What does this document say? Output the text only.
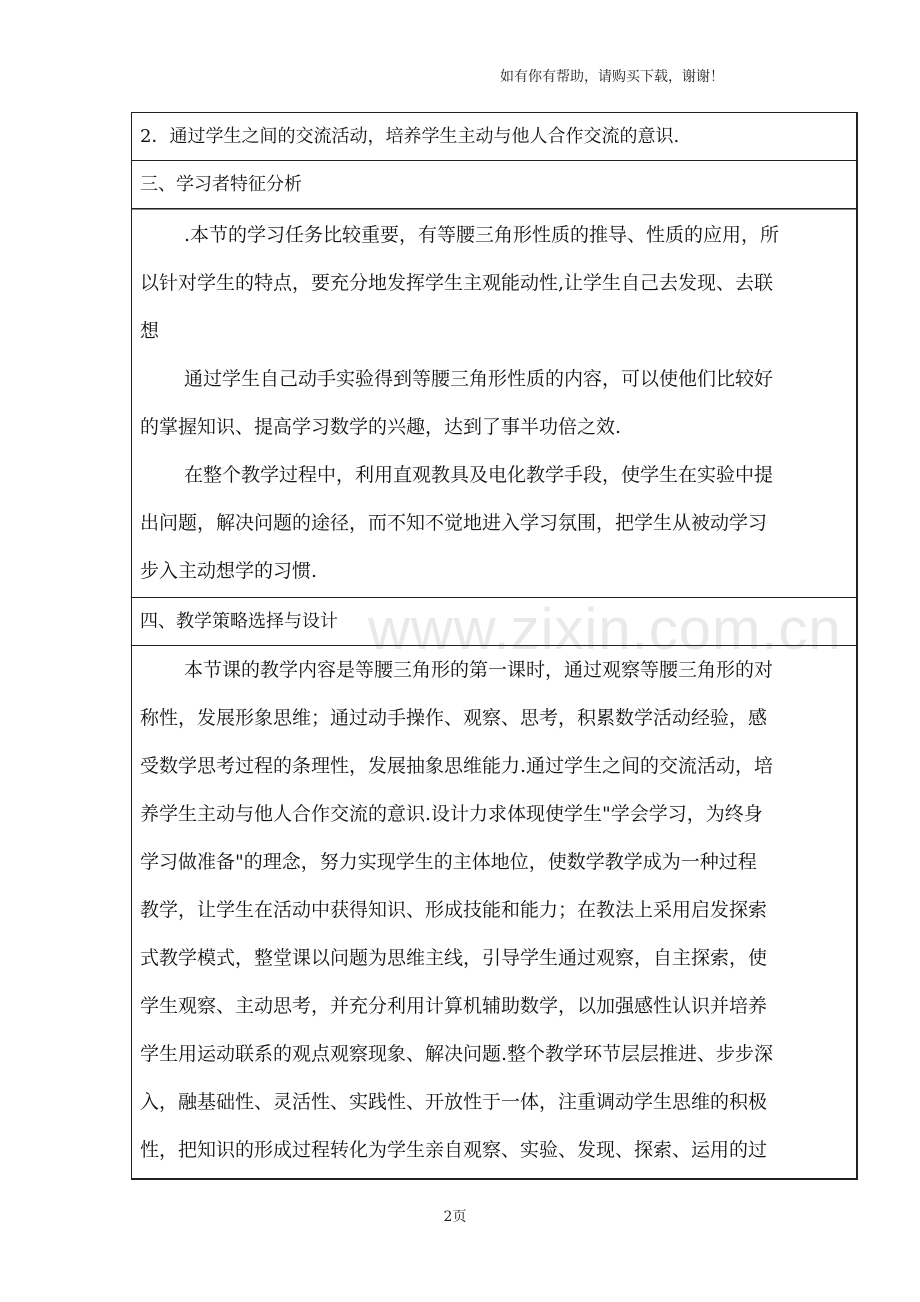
如有你有帮助，请购买下载，谢谢！
www.zixin.com.cn
2．通过学生之间的交流活动，培养学生主动与他人合作交流的意识.
三、学习者特征分析
.本节的学习任务比较重要，有等腰三角形性质的推导、性质的应用，所
以针对学生的特点，要充分地发挥学生主观能动性,让学生自己去发现、去联
想
通过学生自己动手实验得到等腰三角形性质的内容，可以使他们比较好
的掌握知识、提高学习数学的兴趣，达到了事半功倍之效.
在整个教学过程中，利用直观教具及电化教学手段，使学生在实验中提
出问题，解决问题的途径，而不知不觉地进入学习氛围，把学生从被动学习
步入主动想学的习惯.
四、教学策略选择与设计
本节课的教学内容是等腰三角形的第一课时，通过观察等腰三角形的对
称性，发展形象思维；通过动手操作、观察、思考，积累数学活动经验，感
受数学思考过程的条理性，发展抽象思维能力.通过学生之间的交流活动，培
养学生主动与他人合作交流的意识.设计力求体现使学生"学会学习，为终身
学习做准备"的理念，努力实现学生的主体地位，使数学教学成为一种过程
教学，让学生在活动中获得知识、形成技能和能力；在教法上采用启发探索
式教学模式，整堂课以问题为思维主线，引导学生通过观察，自主探索，使
学生观察、主动思考，并充分利用计算机辅助数学，以加强感性认识并培养
学生用运动联系的观点观察现象、解决问题.整个教学环节层层推进、步步深
入，融基础性、灵活性、实践性、开放性于一体，注重调动学生思维的积极
性，把知识的形成过程转化为学生亲自观察、实验、发现、探索、运用的过
2页
